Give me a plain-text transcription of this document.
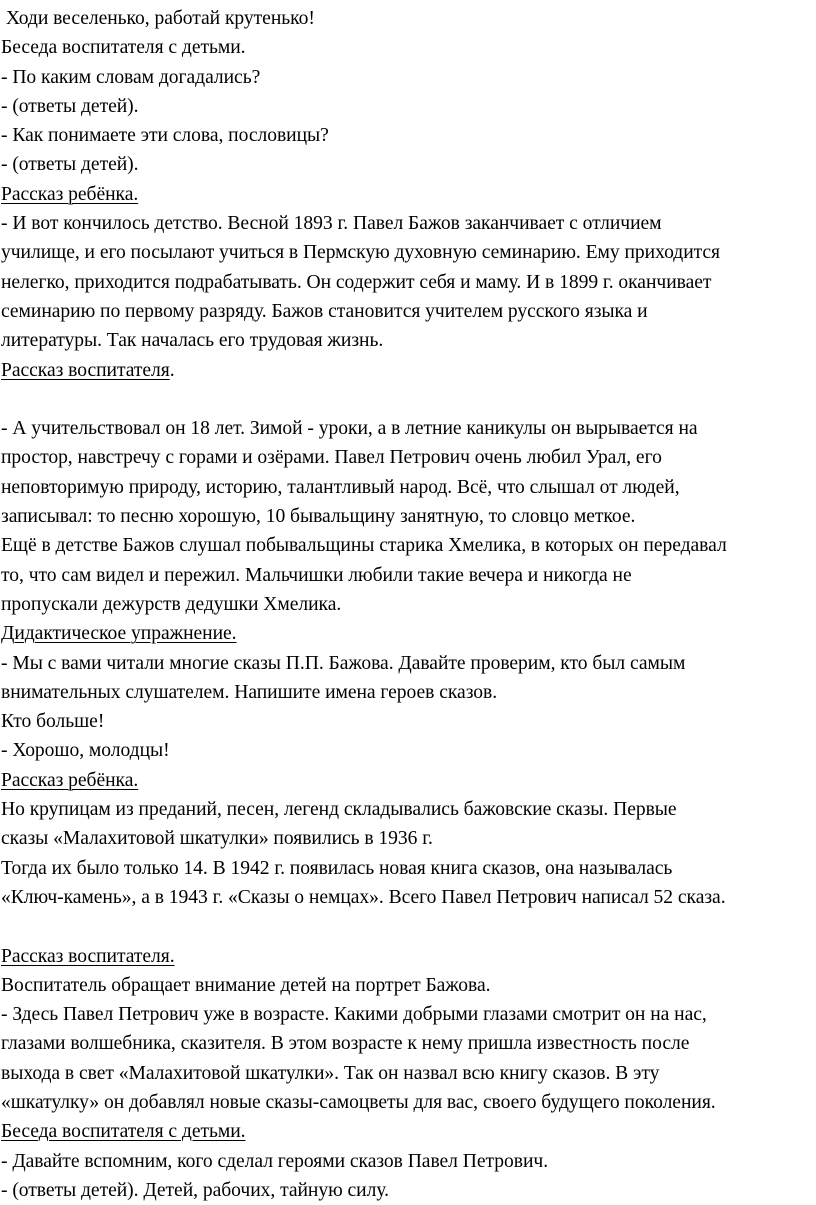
Ходи веселенько, работай крутенько!
Беседа воспитателя с детьми.
- По каким словам догадались?
- (ответы детей).
- Как понимаете эти слова, пословицы?
- (ответы детей).
Рассказ ребёнка.
- И вот кончилось детство. Весной 1893 г. Павел Бажов заканчивает с отличием
училище, и его посылают учиться в Пермскую духовную семинарию. Ему приходится
нелегко, приходится подрабатывать. Он содержит себя и маму. И в 1899 г. оканчивает
семинарию по первому разряду. Бажов становится учителем русского языка и
литературы. Так началась его трудовая жизнь.
Рассказ воспитателя.
- А учительствовал он 18 лет. Зимой - уроки, а в летние каникулы он вырывается на
простор, навстречу с горами и озёрами. Павел Петрович очень любил Урал, его
неповторимую природу, историю, талантливый народ. Всё, что слышал от людей,
записывал: то песню хорошую, 10 бывальщину занятную, то словцо меткое.
Ещё в детстве Бажов слушал побывальщины старика Хмелика, в которых он передавал
то, что сам видел и пережил. Мальчишки любили такие вечера и никогда не
пропускали дежурств дедушки Хмелика.
Дидактическое упражнение.
- Мы с вами читали многие сказы П.П. Бажова. Давайте проверим, кто был самым
внимательных слушателем. Напишите имена героев сказов.
Кто больше!
- Хорошо, молодцы!
Рассказ ребёнка.
Но крупицам из преданий, песен, легенд складывались бажовские сказы. Первые
сказы «Малахитовой шкатулки» появились в 1936 г.
Тогда их было только 14. В 1942 г. появилась новая книга сказов, она называлась
«Ключ-камень», а в 1943 г. «Сказы о немцах». Всего Павел Петрович написал 52 сказа.
Рассказ воспитателя.
Воспитатель обращает внимание детей на портрет Бажова.
- Здесь Павел Петрович уже в возрасте. Какими добрыми глазами смотрит он на нас,
глазами волшебника, сказителя. В этом возрасте к нему пришла известность после
выхода в свет «Малахитовой шкатулки». Так он назвал всю книгу сказов. В эту
«шкатулку» он добавлял новые сказы-самоцветы для вас, своего будущего поколения.
Беседа воспитателя с детьми.
- Давайте вспомним, кого сделал героями сказов Павел Петрович.
- (ответы детей). Детей, рабочих, тайную силу.
